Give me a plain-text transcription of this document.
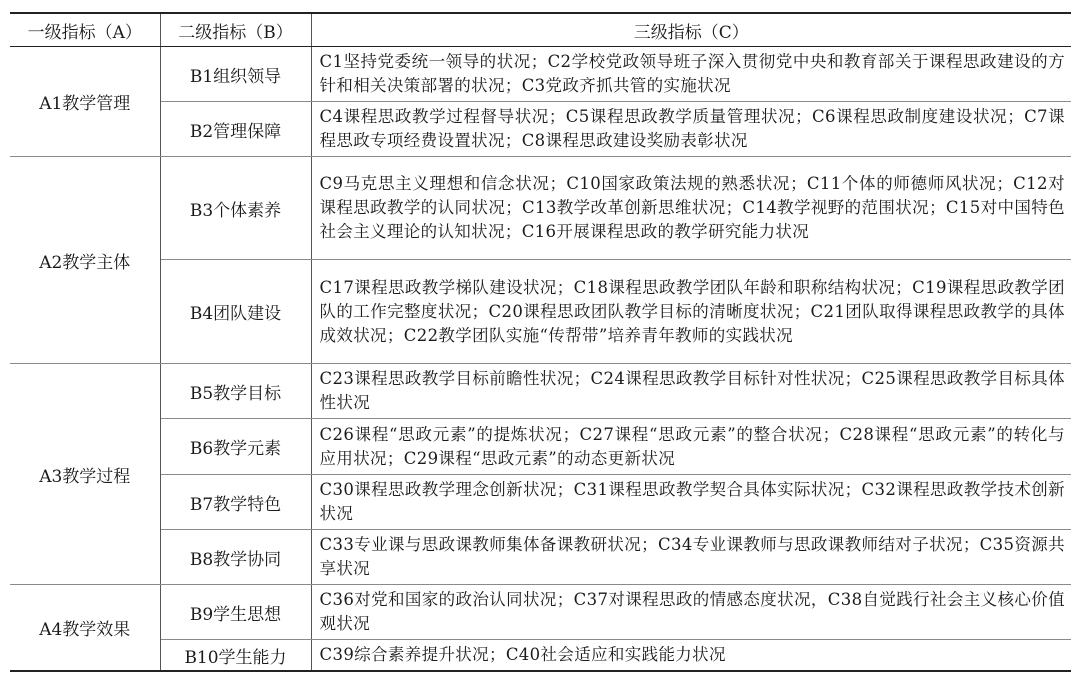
一级指标（A）	二级指标（B）	三级指标（C）
A1教学管理	B1组织领导	C1坚持党委统一领导的状况；C2学校党政领导班子深入贯彻党中央和教育部关于课程思政建设的方针和相关决策部署的状况；C3党政齐抓共管的实施状况
	B2管理保障	C4课程思政教学过程督导状况；C5课程思政教学质量管理状况；C6课程思政制度建设状况；C7课程思政专项经费设置状况；C8课程思政建设奖励表彰状况
A2教学主体	B3个体素养	C9马克思主义理想和信念状况；C10国家政策法规的熟悉状况；C11个体的师德师风状况；C12对课程思政教学的认同状况；C13教学改革创新思维状况；C14教学视野的范围状况；C15对中国特色社会主义理论的认知状况；C16开展课程思政的教学研究能力状况
	B4团队建设	C17课程思政教学梯队建设状况；C18课程思政教学团队年龄和职称结构状况；C19课程思政教学团队的工作完整度状况；C20课程思政团队教学目标的清晰度状况；C21团队取得课程思政教学的具体成效状况；C22教学团队实施“传帮带”培养青年教师的实践状况
A3教学过程	B5教学目标	C23课程思政教学目标前瞻性状况；C24课程思政教学目标针对性状况；C25课程思政教学目标具体性状况
	B6教学元素	C26课程“思政元素”的提炼状况；C27课程“思政元素”的整合状况；C28课程“思政元素”的转化与应用状况；C29课程“思政元素”的动态更新状况
	B7教学特色	C30课程思政教学理念创新状况；C31课程思政教学契合具体实际状况；C32课程思政教学技术创新状况
	B8教学协同	C33专业课与思政课教师集体备课教研状况；C34专业课教师与思政课教师结对子状况；C35资源共享状况
A4教学效果	B9学生思想	C36对党和国家的政治认同状况；C37对课程思政的情感态度状况，C38自觉践行社会主义核心价值观状况
	B10学生能力	C39综合素养提升状况；C40社会适应和实践能力状况
